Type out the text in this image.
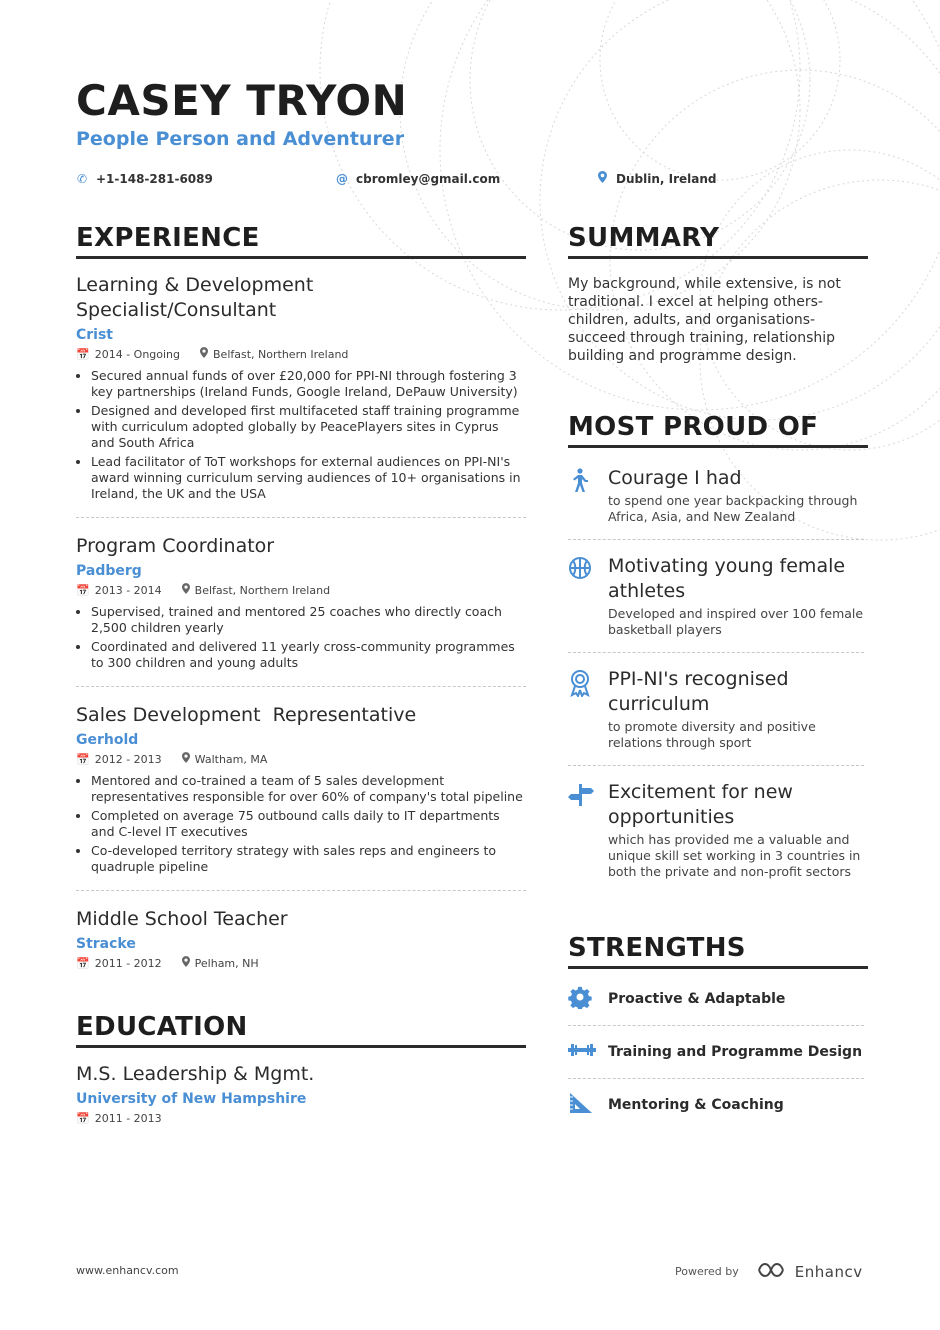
CASEY TRYON
People Person and Adventurer
✆ +1-148-281-6089	@ cbromley@gmail.com	Dublin, Ireland
EXPERIENCE
Learning & Development Specialist/Consultant
Crist
📅 2014 - Ongoing	Belfast, Northern Ireland
• Secured annual funds of over £20,000 for PPI-NI through fostering 3 key partnerships (Ireland Funds, Google Ireland, DePauw University)
• Designed and developed first multifaceted staff training programme with curriculum adopted globally by PeacePlayers sites in Cyprus and South Africa
• Lead facilitator of ToT workshops for external audiences on PPI-NI's award winning curriculum serving audiences of 10+ organisations in Ireland, the UK and the USA
Program Coordinator
Padberg
📅 2013 - 2014	Belfast, Northern Ireland
• Supervised, trained and mentored 25 coaches who directly coach 2,500 children yearly
• Coordinated and delivered 11 yearly cross-community programmes to 300 children and young adults
Sales Development  Representative
Gerhold
📅 2012 - 2013	Waltham, MA
• Mentored and co-trained a team of 5 sales development representatives responsible for over 60% of company's total pipeline
• Completed on average 75 outbound calls daily to IT departments and C-level IT executives
• Co-developed territory strategy with sales reps and engineers to quadruple pipeline
Middle School Teacher
Stracke
📅 2011 - 2012	Pelham, NH
EDUCATION
M.S. Leadership & Mgmt.
University of New Hampshire
📅 2011 - 2013
SUMMARY
My background, while extensive, is not traditional. I excel at helping others- children, adults, and organisations- succeed through training, relationship building and programme design.
MOST PROUD OF
Courage I had
to spend one year backpacking through Africa, Asia, and New Zealand
Motivating young female athletes
Developed and inspired over 100 female basketball players
PPI-NI's recognised curriculum
to promote diversity and positive relations through sport
Excitement for new opportunities
which has provided me a valuable and unique skill set working in 3 countries in both the private and non-profit sectors
STRENGTHS
Proactive & Adaptable
Training and Programme Design
Mentoring & Coaching
www.enhancv.com	Powered by	Enhancv
